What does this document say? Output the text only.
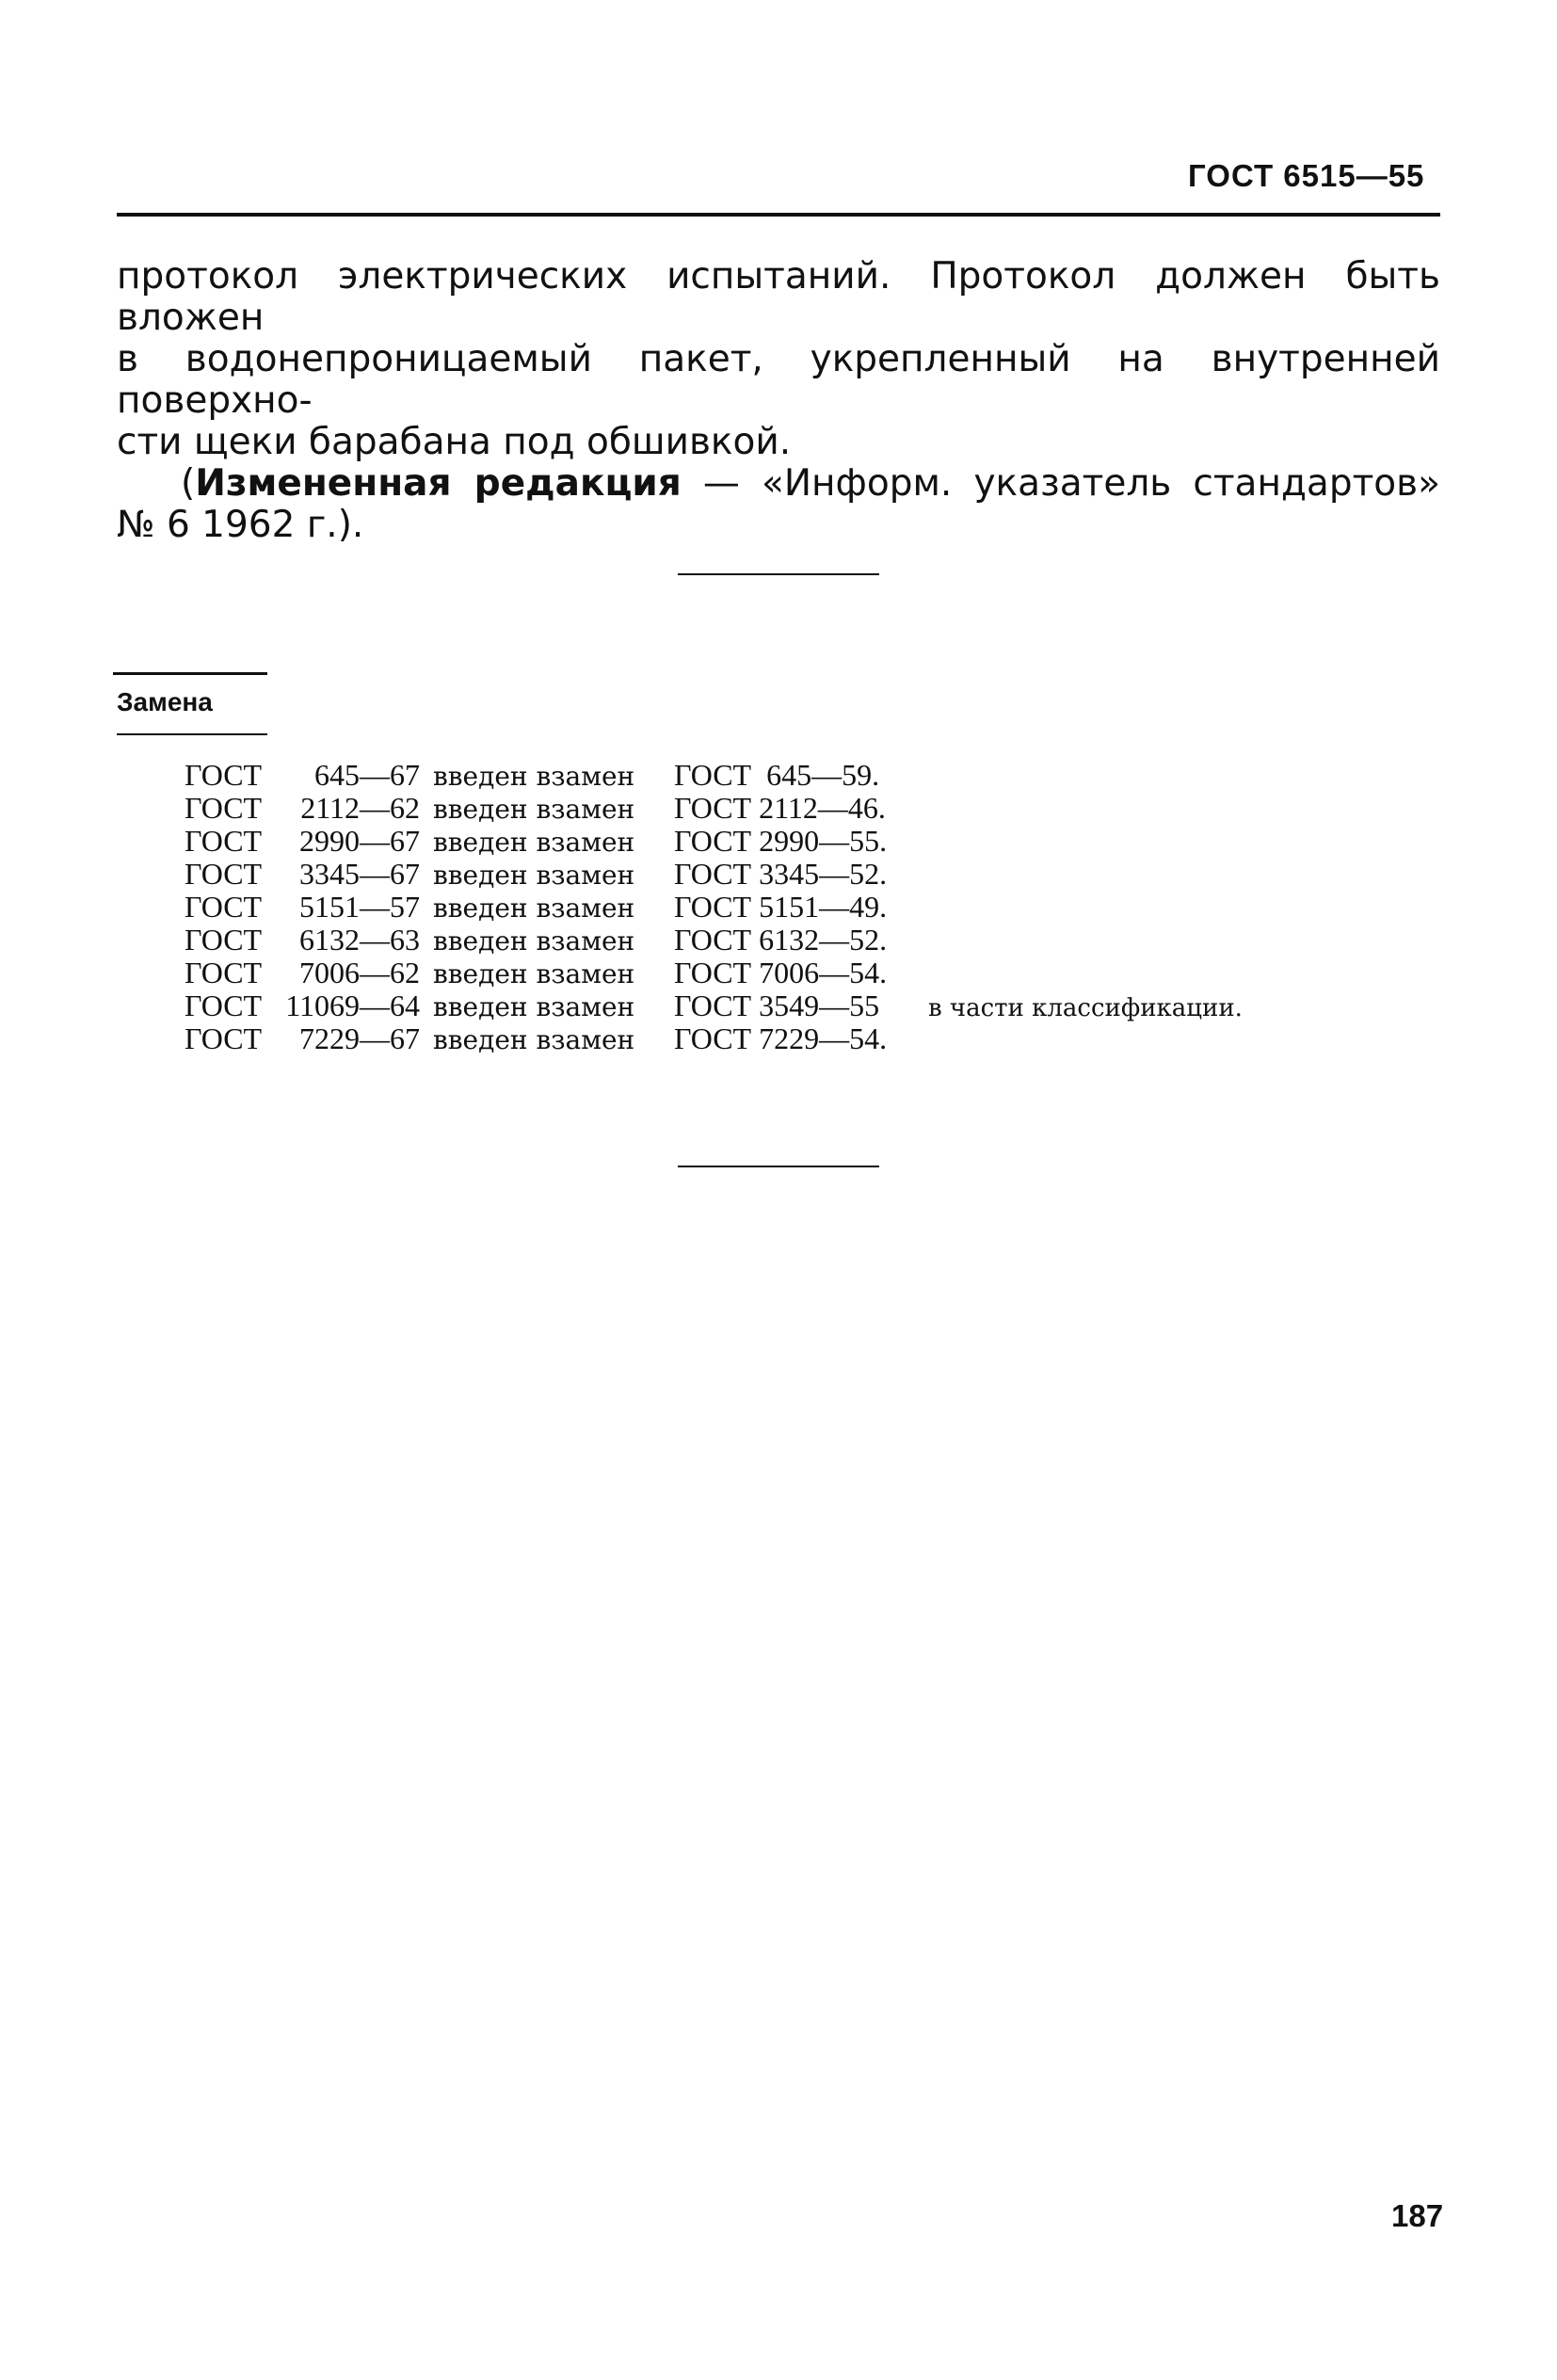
ГОСТ 6515—55

протокол электрических испытаний. Протокол должен быть вложен

в водонепроницаемый пакет, укрепленный на внутренней поверхно-

сти щеки барабана под обшивкой.

(Измененная редакция — «Информ. указатель стандартов»

№ 6 1962 г.).

Замена
ГОСТ	645—67 введен взамен	ГОСТ  645—59.
ГОСТ	2112—62 введен взамен	ГОСТ 2112—46.
ГОСТ	2990—67 введен взамен	ГОСТ 2990—55.
ГОСТ	3345—67 введен взамен	ГОСТ 3345—52.
ГОСТ	5151—57 введен взамен	ГОСТ 5151—49.
ГОСТ	6132—63 введен взамен	ГОСТ 6132—52.
ГОСТ	7006—62 введен взамен	ГОСТ 7006—54.
ГОСТ 11069—64 введен взамен	ГОСТ 3549—55	в части классификации.
ГОСТ	7229—67 введен взамен	ГОСТ 7229—54.
187
